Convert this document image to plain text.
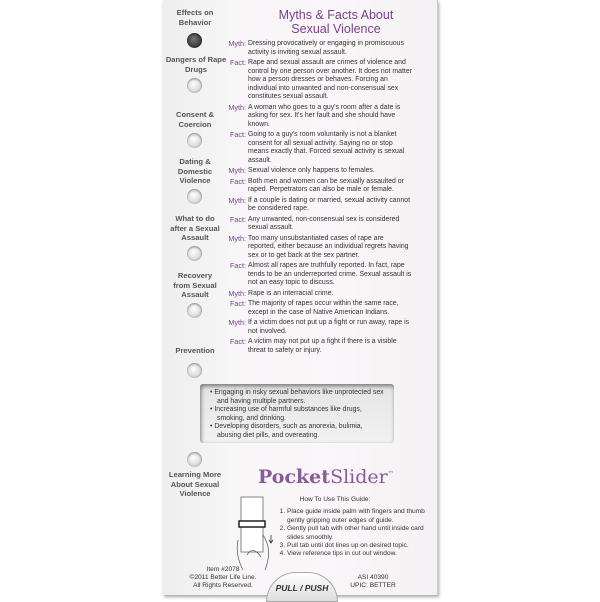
Effects on Behavior
Dangers of Rape Drugs
Consent & Coercion
Dating & Domestic Violence
What to do after a Sexual Assault
Recovery from Sexual Assault
Prevention
Learning More About Sexual Violence
Myths & Facts About
Sexual Violence
Myth: Dressing provocatively or engaging in promiscuous activity is inviting sexual assault.
Fact: Rape and sexual assault are crimes of violence and control by one person over another. It does not matter how a person dresses or behaves. Forcing an individual into unwanted and non-consensual sex constitutes sexual assault.
Myth: A woman who goes to a guy's room after a date is asking for sex. It's her fault and she should have known.
Fact: Going to a guy's room voluntarily is not a blanket consent for all sexual activity. Saying no or stop means exactly that. Forced sexual activity is sexual assault.
Myth: Sexual violence only happens to females.
Fact: Both men and women can be sexually assaulted or raped. Perpetrators can also be male or female.
Myth: If a couple is dating or married, sexual activity cannot be considered rape.
Fact: Any unwanted, non-consensual sex is considered sexual assault.
Myth: Too many unsubstantiated cases of rape are reported, either because an individual regrets having sex or to get back at the sex partner.
Fact: Almost all rapes are truthfully reported. In fact, rape tends to be an underreported crime. Sexual assault is not an easy topic to discuss.
Myth: Rape is an interracial crime.
Fact: The majority of rapes occur within the same race, except in the case of Native American Indians.
Myth: If a victim does not put up a fight or run away, rape is not involved.
Fact: A victim may not put up a fight if there is a visible threat to safety or injury.
• Engaging in risky sexual behaviors like unprotected sex and having multiple partners.
• Increasing use of harmful substances like drugs, smoking, and drinking.
• Developing disorders, such as anorexia, bulimia, abusing diet pills, and overeating.
PocketSlider™
How To Use This Guide:
1. Place guide inside palm with fingers and thumb gently gripping outer edges of guide.
2. Gently pull tab with other hand until inside card slides smoothly.
3. Pull tab until dot lines up on desired topic.
4. View reference tips in cut out window.
Item #2078
©2011 Better Life Line.
All Rights Reserved.	PULL / PUSH
ASI 40390
UPIC: BETTER
